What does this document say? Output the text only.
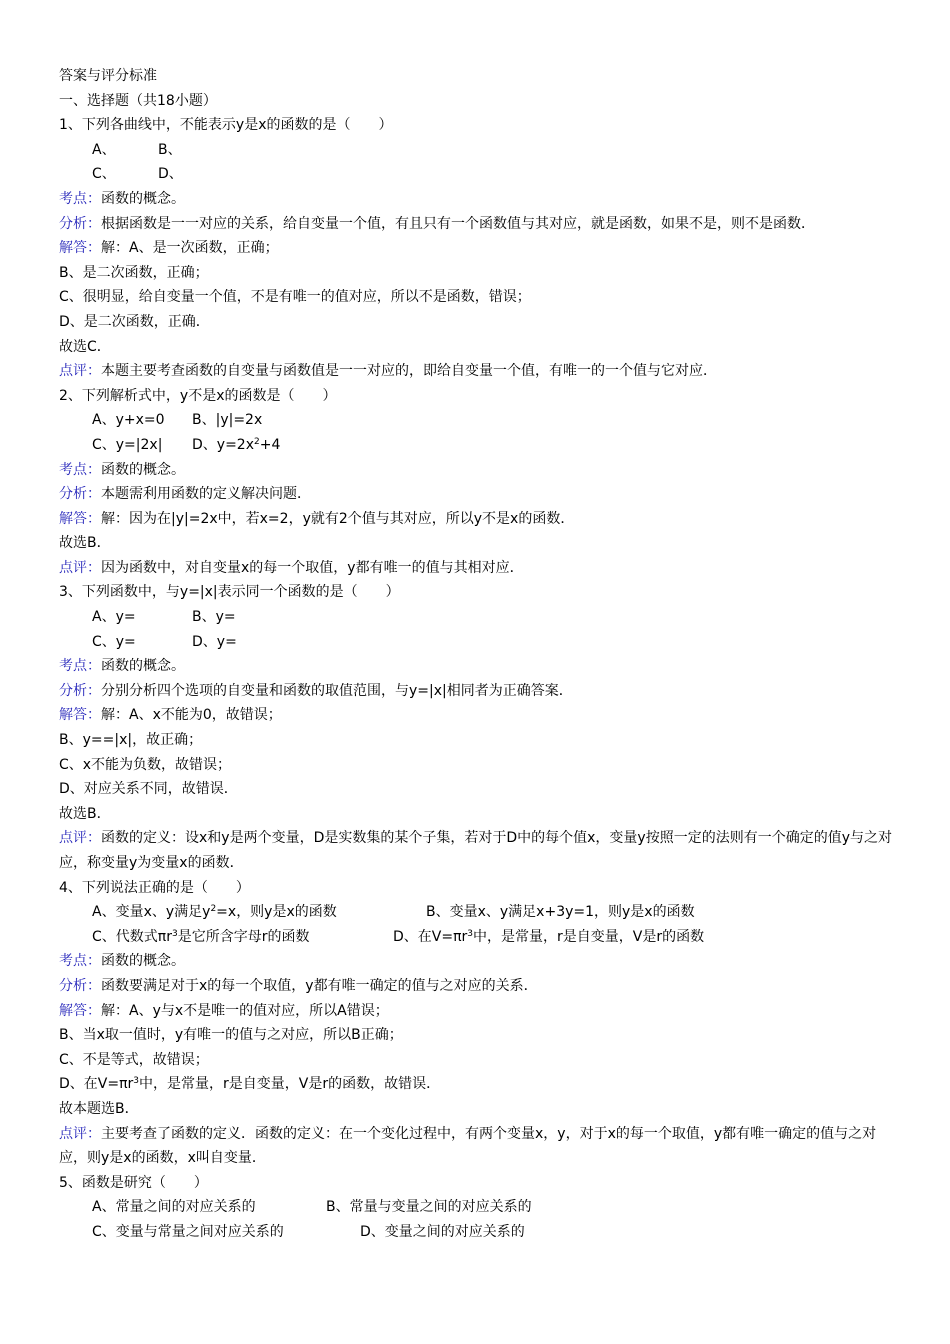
答案与评分标准
一、选择题（共18小题）
1、下列各曲线中，不能表示y是x的函数的是（　　）
A、	B、
C、	D、
考点：函数的概念。
分析：根据函数是一一对应的关系，给自变量一个值，有且只有一个函数值与其对应，就是函数，如果不是，则不是函数．
解答：解：A、是一次函数，正确；
B、是二次函数，正确；
C、很明显，给自变量一个值，不是有唯一的值对应，所以不是函数，错误；
D、是二次函数，正确．
故选C．
点评：本题主要考查函数的自变量与函数值是一一对应的，即给自变量一个值，有唯一的一个值与它对应．
2、下列解析式中，y不是x的函数是（　　）
A、y+x=0 B、|y|=2x
C、y=|2x| D、$y=2x^2+4$
考点：函数的概念。
分析：本题需利用函数的定义解决问题．
解答：解：因为在|y|=2x中，若x=2，y就有2个值与其对应，所以y不是x的函数．
故选B．
点评：因为函数中，对自变量x的每一个取值，y都有唯一的值与其相对应．
3、下列函数中，与y=|x|表示同一个函数的是（　　）
A、y=	B、y=
C、y=	D、y=
考点：函数的概念。
分析：分别分析四个选项的自变量和函数的取值范围，与y=|x|相同者为正确答案．
解答：解：A、x不能为0，故错误；
B、y==|x|，故正确；
C、x不能为负数，故错误；
D、对应关系不同，故错误．
故选B．
点评：函数的定义：设x和y是两个变量，D是实数集的某个子集，若对于D中的每个值x，变量y按照一定的法则有一个确定的值y与之对应，称变量y为变量x的函数．
4、下列说法正确的是（　　）
A、变量x、y满足$y^2=x$，则y是x的函数	B、变量x、y满足x+3y=1，则y是x的函数
C、代数式$\pi r^3$是它所含字母r的函数	D、在$V=\pi r^3$中，是常量，r是自变量，V是r的函数
考点：函数的概念。
分析：函数要满足对于x的每一个取值，y都有唯一确定的值与之对应的关系．
解答：解：A、y与x不是唯一的值对应，所以A错误；
B、当x取一值时，y有唯一的值与之对应，所以B正确；
C、不是等式，故错误；
D、在$V=\pi r^3$中，是常量，r是自变量，V是r的函数，故错误．
故本题选B．
点评：主要考查了函数的定义．函数的定义：在一个变化过程中，有两个变量x，y，对于x的每一个取值，y都有唯一确定的值与之对应，则y是x的函数，x叫自变量．
5、函数是研究（　　）
A、常量之间的对应关系的	B、常量与变量之间的对应关系的
C、变量与常量之间对应关系的	D、变量之间的对应关系的
